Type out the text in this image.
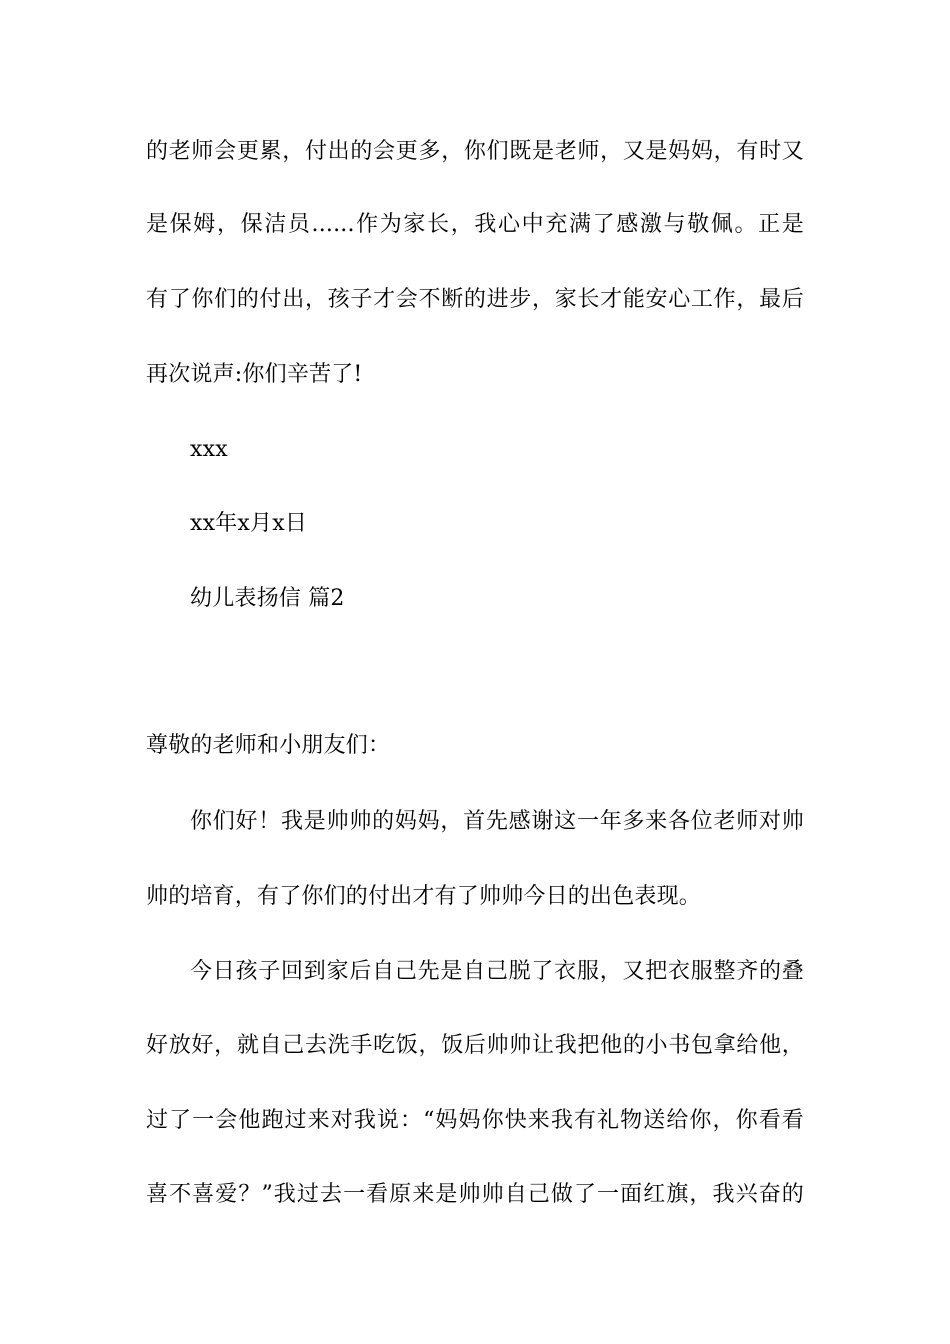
的老师会更累，付出的会更多，你们既是老师，又是妈妈，有时又
是保姆，保洁员......作为家长，我心中充满了感激与敬佩。正是
有了你们的付出，孩子才会不断的进步，家长才能安心工作，最后
再次说声:你们辛苦了!
xxx
xx年x月x日
幼儿表扬信 篇2
尊敬的老师和小朋友们：
你们好！我是帅帅的妈妈，首先感谢这一年多来各位老师对帅
帅的培育，有了你们的付出才有了帅帅今日的出色表现。
今日孩子回到家后自己先是自己脱了衣服，又把衣服整齐的叠
好放好，就自己去洗手吃饭，饭后帅帅让我把他的小书包拿给他，
过了一会他跑过来对我说：“妈妈你快来我有礼物送给你，你看看
喜不喜爱？”我过去一看原来是帅帅自己做了一面红旗，我兴奋的
